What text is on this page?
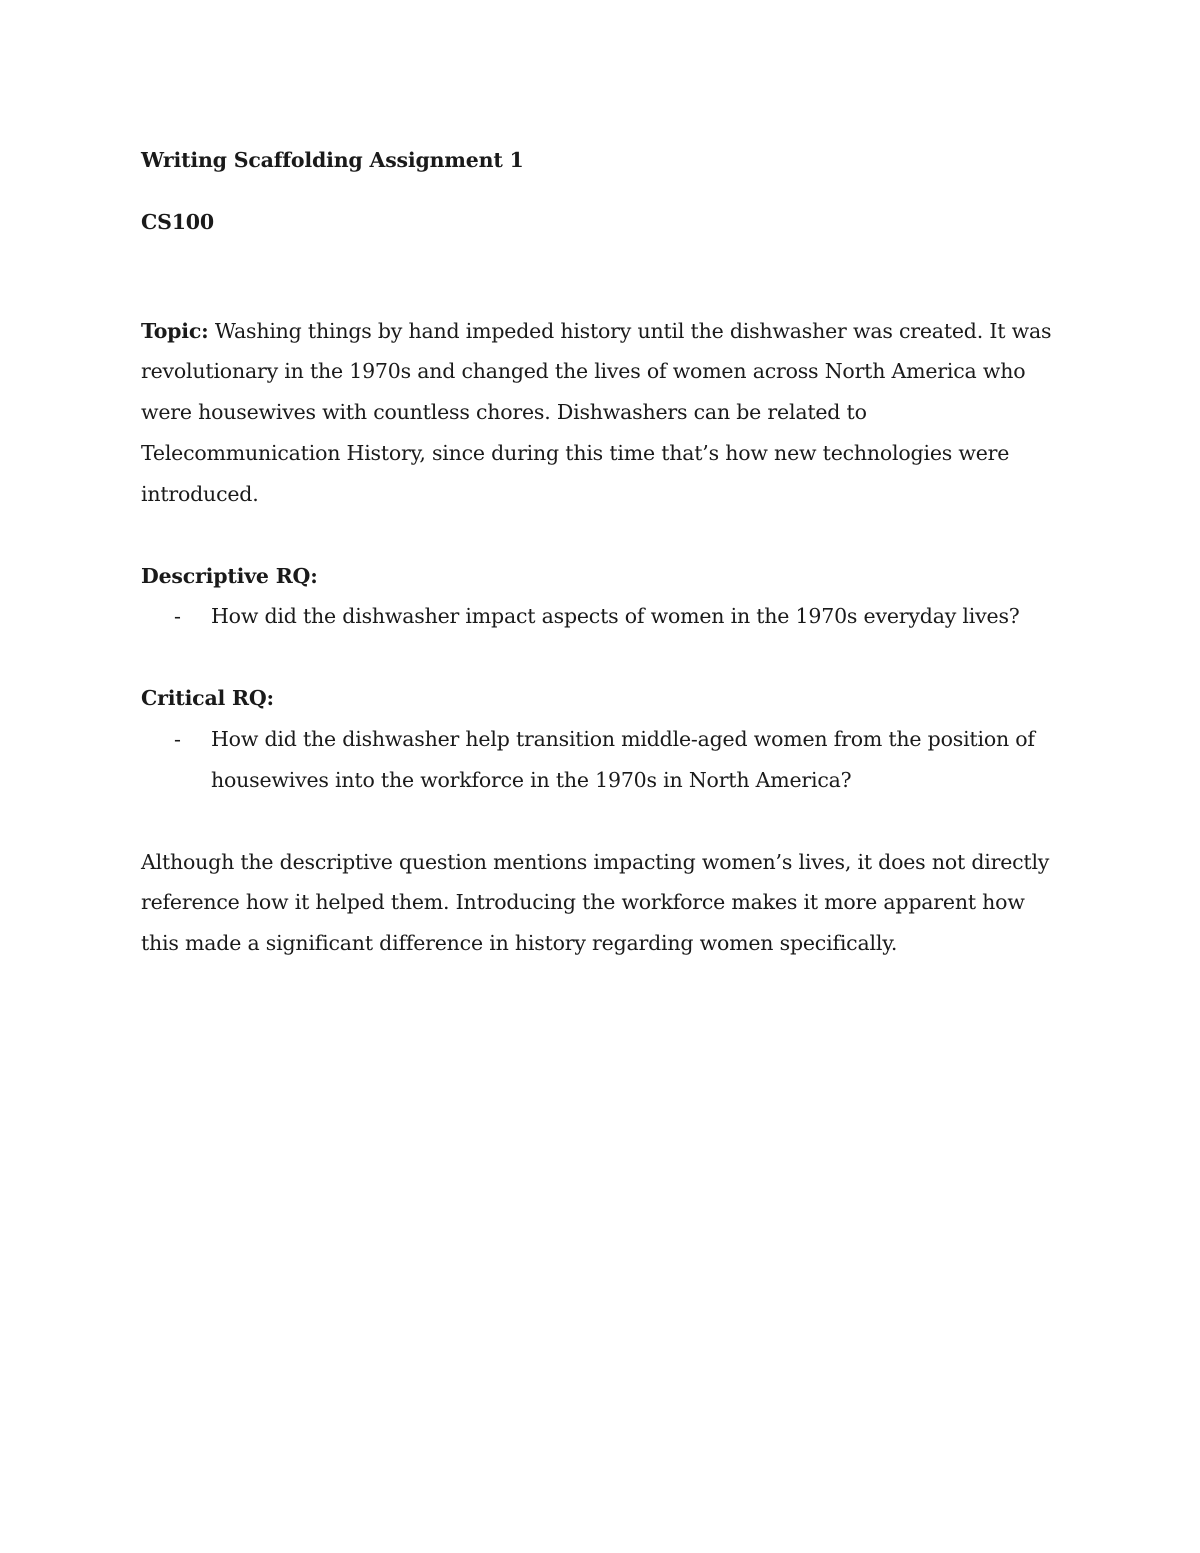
Writing Scaffolding Assignment 1

CS100

Topic: Washing things by hand impeded history until the dishwasher was created. It was revolutionary in the 1970s and changed the lives of women across North America who were housewives with countless chores. Dishwashers can be related to Telecommunication History, since during this time that’s how new technologies were introduced.

Descriptive RQ:

- How did the dishwasher impact aspects of women in the 1970s everyday lives?

Critical RQ:

- How did the dishwasher help transition middle-aged women from the position of housewives into the workforce in the 1970s in North America?

Although the descriptive question mentions impacting women’s lives, it does not directly reference how it helped them. Introducing the workforce makes it more apparent how this made a significant difference in history regarding women specifically.
